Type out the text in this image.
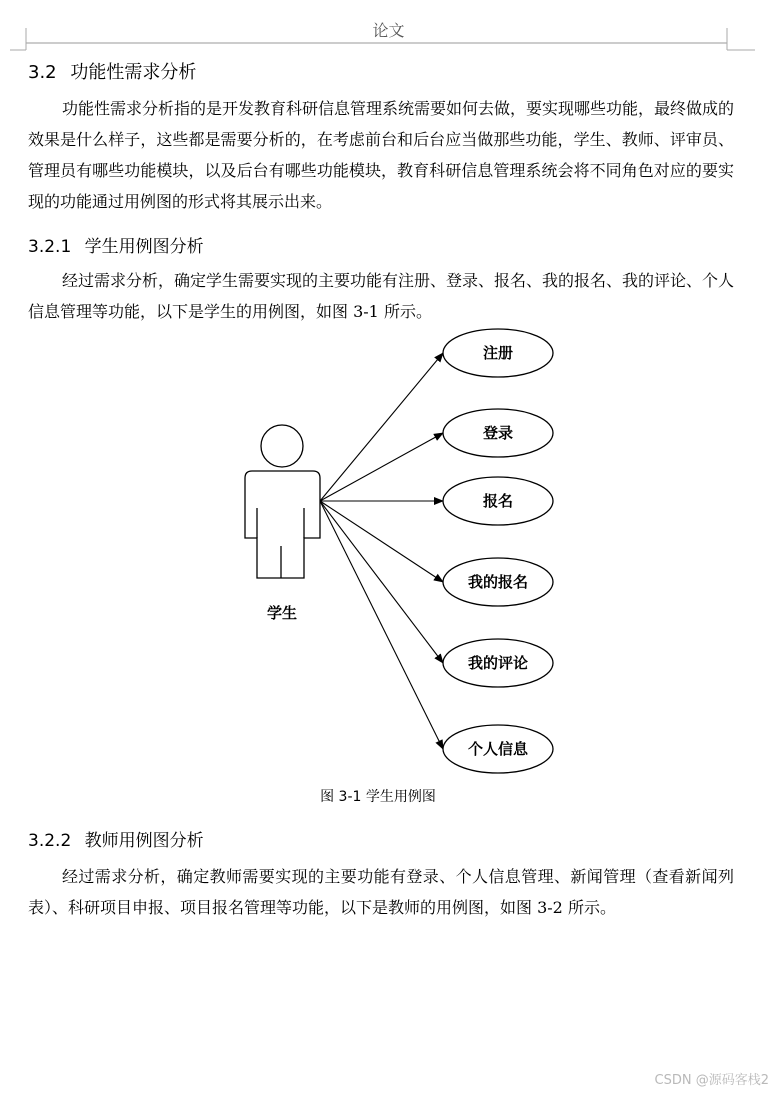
论文
3.2 功能性需求分析

功能性需求分析指的是开发教育科研信息管理系统需要如何去做，要实现哪些功能，最终做成的效果是什么样子，这些都是需要分析的，在考虑前台和后台应当做那些功能，学生、教师、评审员、管理员有哪些功能模块，以及后台有哪些功能模块，教育科研信息管理系统会将不同角色对应的要实现的功能通过用例图的形式将其展示出来。

3.2.1 学生用例图分析

经过需求分析，确定学生需要实现的主要功能有注册、登录、报名、我的报名、我的评论、个人信息管理等功能，以下是学生的用例图，如图 3-1 所示。

学生
注册
登录
报名
我的报名
我的评论
个人信息
图 3-1 学生用例图
3.2.2 教师用例图分析

经过需求分析，确定教师需要实现的主要功能有登录、个人信息管理、新闻管理（查看新闻列表）、科研项目申报、项目报名管理等功能，以下是教师的用例图，如图 3-2 所示。

CSDN @源码客栈2
